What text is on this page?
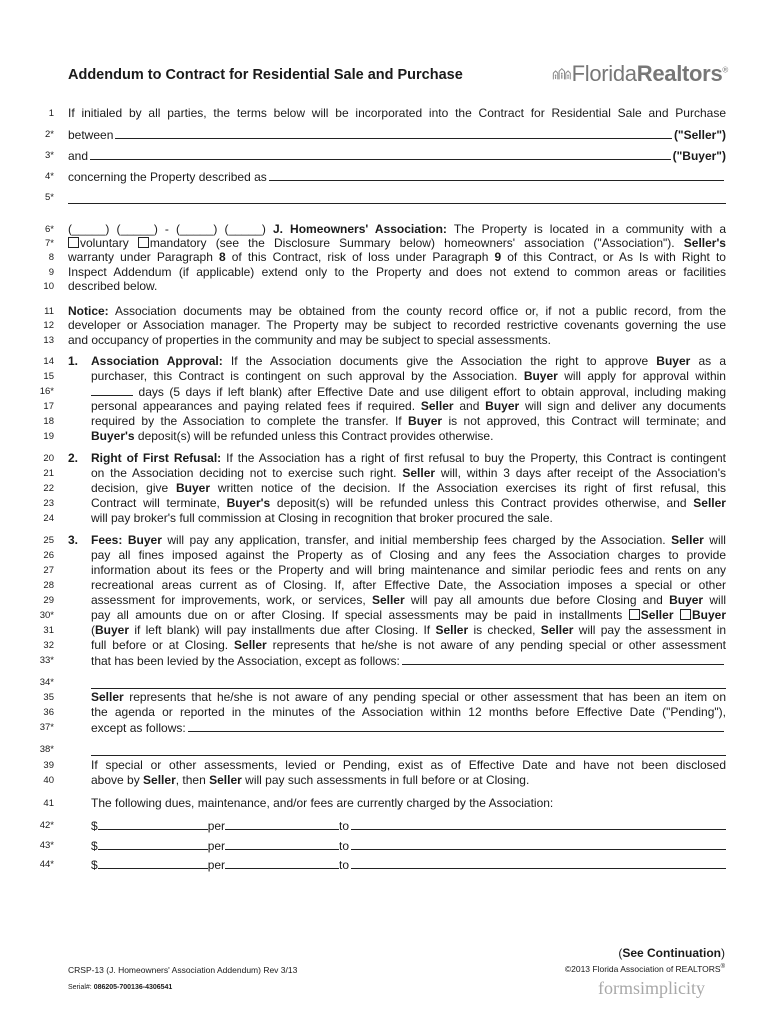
Addendum to Contract for Residential Sale and Purchase	FloridaRealtors®
1
2*
3*
4*
5*
6*
7*
8
9
10
11
12
13
14
15
16*
17
18
19
20
21
22
23
24
25
26
27
28
29
30*
31
32
33*
34*
35
36
37*
38*
39
40
41
42*
43*
44*
If initialed by all parties, the terms below will be incorporated into the Contract for Residential Sale and Purchase
between	("Seller")
and	("Buyer")
concerning the Property described as
(_____) (_____) - (_____) (_____) J. Homeowners' Association: The Property is located in a community with a
voluntary mandatory (see the Disclosure Summary below) homeowners' association ("Association"). Seller's
warranty under Paragraph 8 of this Contract, risk of loss under Paragraph 9 of this Contract, or As Is with Right to
Inspect Addendum (if applicable) extend only to the Property and does not extend to common areas or facilities
described below.
Notice: Association documents may be obtained from the county record office or, if not a public record, from the
developer or Association manager. The Property may be subject to recorded restrictive covenants governing the use
and occupancy of properties in the community and may be subject to special assessments.
1. Association Approval: If the Association documents give the Association the right to approve Buyer as a
purchaser, this Contract is contingent on such approval by the Association. Buyer will apply for approval within
days (5 days if left blank) after Effective Date and use diligent effort to obtain approval, including making
personal appearances and paying related fees if required. Seller and Buyer will sign and deliver any documents
required by the Association to complete the transfer. If Buyer is not approved, this Contract will terminate; and
Buyer's deposit(s) will be refunded unless this Contract provides otherwise.
2. Right of First Refusal: If the Association has a right of first refusal to buy the Property, this Contract is contingent
on the Association deciding not to exercise such right. Seller will, within 3 days after receipt of the Association's
decision, give Buyer written notice of the decision. If the Association exercises its right of first refusal, this
Contract will terminate, Buyer's deposit(s) will be refunded unless this Contract provides otherwise, and Seller
will pay broker's full commission at Closing in recognition that broker procured the sale.
3. Fees: Buyer will pay any application, transfer, and initial membership fees charged by the Association. Seller will
pay all fines imposed against the Property as of Closing and any fees the Association charges to provide
information about its fees or the Property and will bring maintenance and similar periodic fees and rents on any
recreational areas current as of Closing. If, after Effective Date, the Association imposes a special or other
assessment for improvements, work, or services, Seller will pay all amounts due before Closing and Buyer will
pay all amounts due on or after Closing. If special assessments may be paid in installments Seller Buyer
(Buyer if left blank) will pay installments due after Closing. If Seller is checked, Seller will pay the assessment in
full before or at Closing. Seller represents that he/she is not aware of any pending special or other assessment
that has been levied by the Association, except as follows:
Seller represents that he/she is not aware of any pending special or other assessment that has been an item on
the agenda or reported in the minutes of the Association within 12 months before Effective Date ("Pending"),
except as follows:
If special or other assessments, levied or Pending, exist as of Effective Date and have not been disclosed
above by Seller, then Seller will pay such assessments in full before or at Closing.
The following dues, maintenance, and/or fees are currently charged by the Association:
$	per	to
$	per	to
$	per	to
(See Continuation)
CRSP-13 (J. Homeowners' Association Addendum) Rev 3/13	©2013 Florida Association of REALTORS®
Serial#: 086205-700136-4306541	formsimplicity
